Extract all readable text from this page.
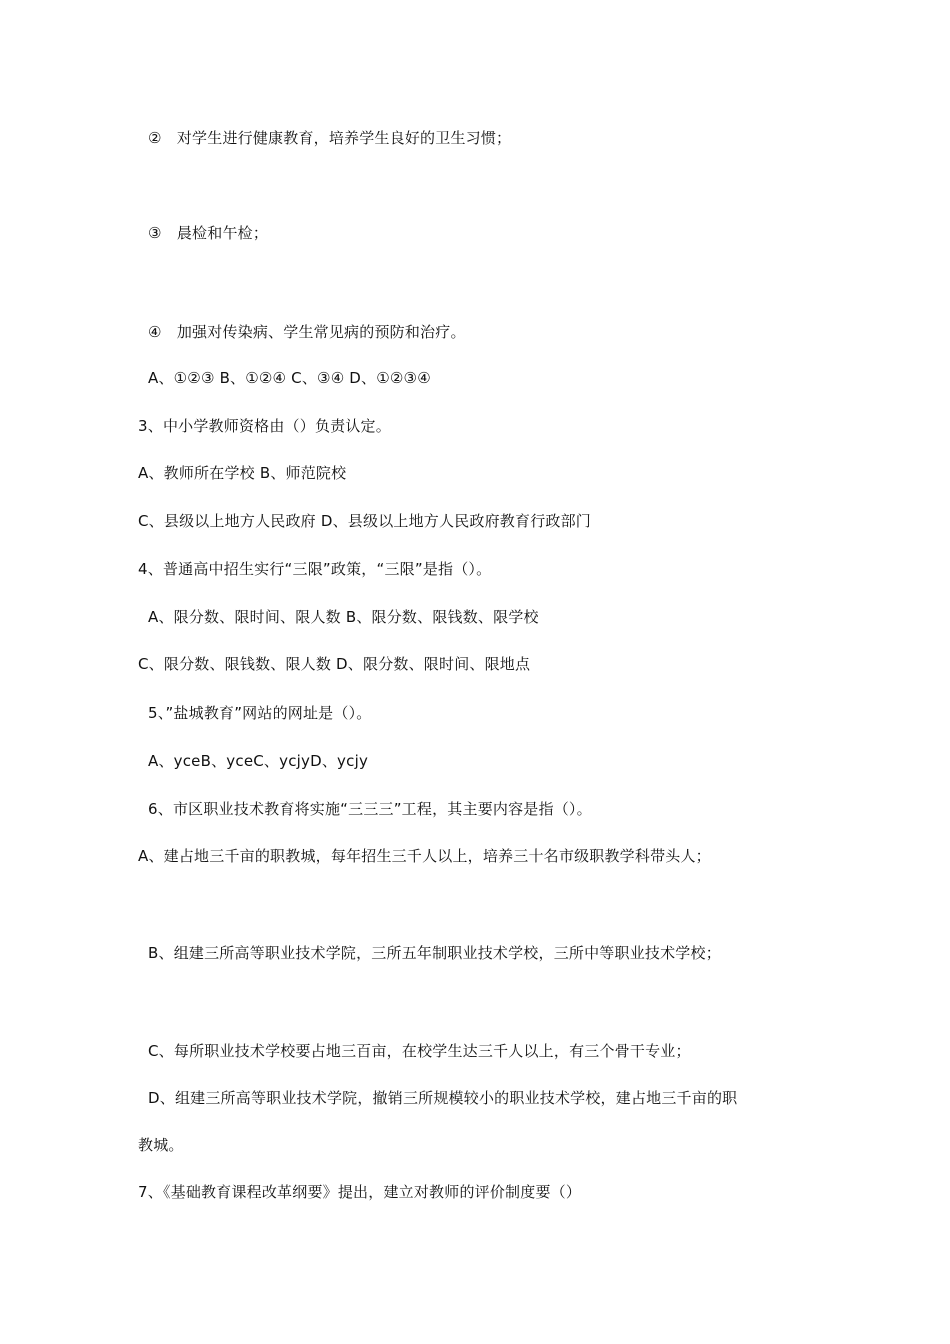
②　对学生进行健康教育，培养学生良好的卫生习惯；
③　晨检和午检；
④　加强对传染病、学生常见病的预防和治疗。
A、①②③ B、①②④ C、③④ D、①②③④
3、中小学教师资格由（）负责认定。
A、教师所在学校 B、师范院校
C、县级以上地方人民政府 D、县级以上地方人民政府教育行政部门
4、普通高中招生实行“三限”政策，“三限”是指（）。
A、限分数、限时间、限人数 B、限分数、限钱数、限学校
C、限分数、限钱数、限人数 D、限分数、限时间、限地点
5、”盐城教育”网站的网址是（）。
A、yceB、yceC、ycjyD、ycjy
6、市区职业技术教育将实施“三三三”工程，其主要内容是指（）。
A、建占地三千亩的职教城，每年招生三千人以上，培养三十名市级职教学科带头人；
B、组建三所高等职业技术学院，三所五年制职业技术学校，三所中等职业技术学校；
C、每所职业技术学校要占地三百亩，在校学生达三千人以上，有三个骨干专业；
D、组建三所高等职业技术学院，撤销三所规模较小的职业技术学校，建占地三千亩的职
教城。
7、《基础教育课程改革纲要》提出，建立对教师的评价制度要（）
